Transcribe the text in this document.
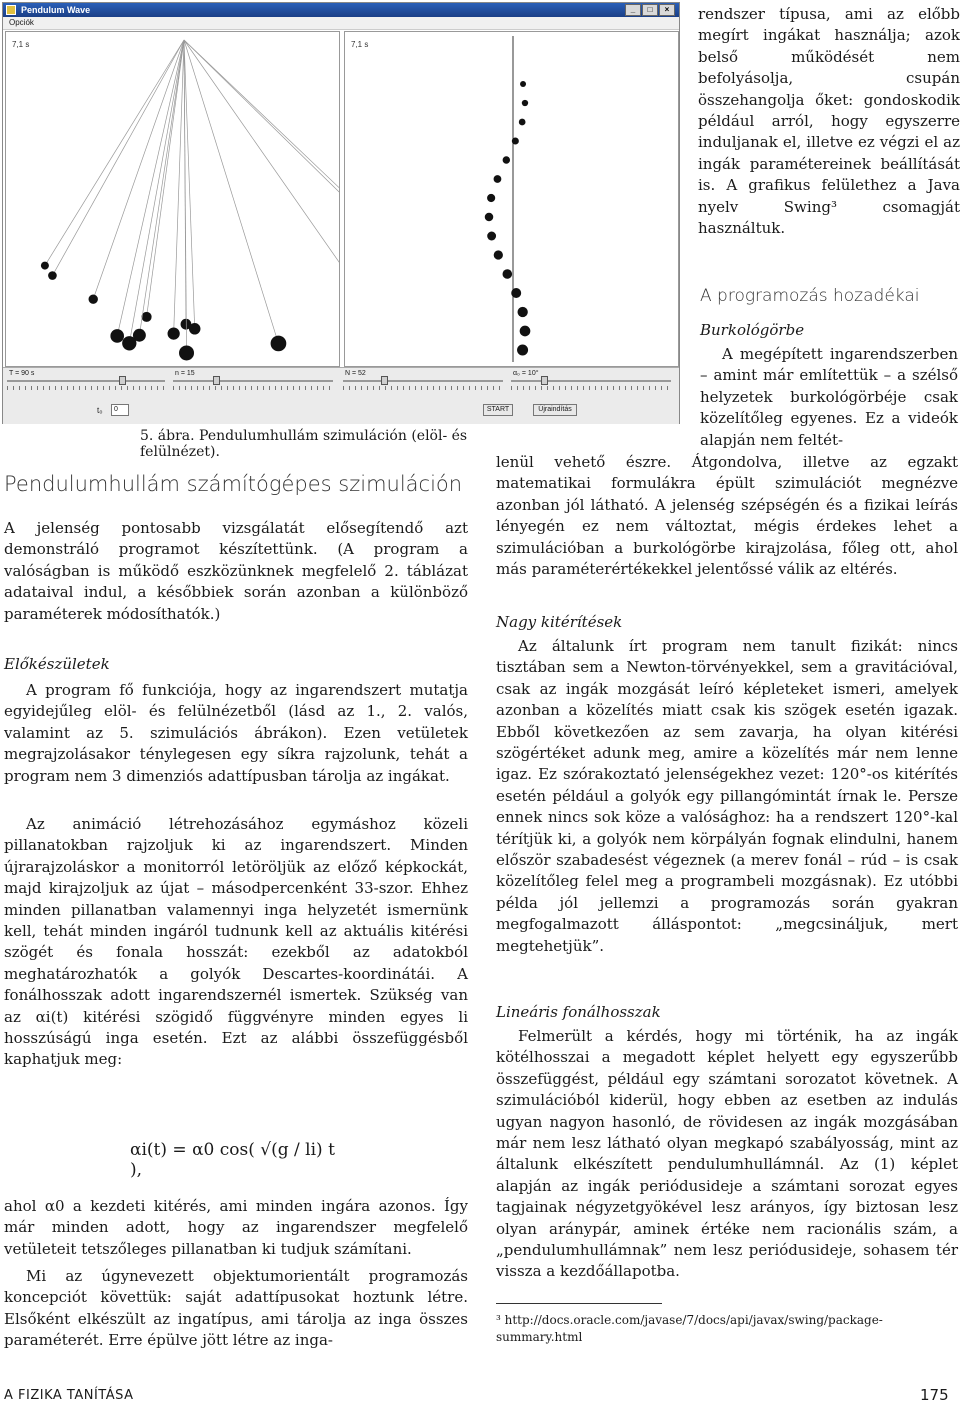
Pendulum Wave	_	□	×
Opciók
7,1 s	7,1 s
T = 90 s	n = 15	N = 52	α₀ = 10°
t₀	0	START	Újraindítás
5. ábra. Pendulumhullám szimuláción (elöl- és felülnézet).
Pendulumhullám számítógépes szimuláción

A jelenség pontosabb vizsgálatát elősegítendő azt demonstráló programot készítettünk. (A program a valóságban is működő eszközünknek megfelelő 2. táblázat adataival indul, a későbbiek során azonban a különböző paraméterek módosíthatók.)

Előkészületek

A program fő funkciója, hogy az ingarendszert mutatja egyidejűleg elöl- és felülnézetből (lásd az 1., 2. valós, valamint az 5. szimulációs ábrákon). Ezen vetületek megrajzolásakor ténylegesen egy síkra rajzolunk, tehát a program nem 3 dimenziós adattípusban tárolja az ingákat.

Az animáció létrehozásához egymáshoz közeli pillanatokban rajzoljuk ki az ingarendszert. Minden újrarajzoláskor a monitorról letöröljük az előző képkockát, majd kirajzoljuk az újat – másodpercenként 33-szor. Ehhez minden pillanatban valamennyi inga helyzetét ismernünk kell, tehát minden ingáról tudnunk kell az aktuális kitérési szögét és fonala hosszát: ezekből az adatokból meghatározhatók a golyók Descartes-koordinátái. A fonálhosszak adott ingarendszernél ismertek. Szükség van az αi(t) kitérési szögidő függvényre minden egyes li hosszúságú inga esetén. Ezt az alábbi összefüggésből kaphatjuk meg:

αi(t) = α0 cos( √(g / li) t ),

ahol α0 a kezdeti kitérés, ami minden ingára azonos. Így már minden adott, hogy az ingarendszer megfelelő vetületeit tetszőleges pillanatban ki tudjuk számítani.

Mi az úgynevezett objektumorientált programozás koncepciót követtük: saját adattípusokat hoztunk létre. Elsőként elkészült az ingatípus, ami tárolja az inga összes paraméterét. Erre épülve jött létre az inga-

rendszer típusa, ami az előbb megírt ingákat használja; azok belső működését nem befolyásolja, csupán összehangolja őket: gondoskodik például arról, hogy egyszerre induljanak el, illetve ez végzi el az ingák paramétereinek beállítását is. A grafikus felülethez a Java nyelv Swing³ csomagját használtuk.

A programozás hozadékai

Burkológörbe

A megépített ingarendszerben – amint már említettük – a szélső helyzetek burkológörbéje csak közelítőleg egyenes. Ez a videók alapján nem feltét-

lenül vehető észre. Átgondolva, illetve az egzakt matematikai formulákra épült szimulációt megnézve azonban jól látható. A jelenség szépségén és a fizikai leírás lényegén ez nem változtat, mégis érdekes lehet a szimulációban a burkológörbe kirajzolása, főleg ott, ahol más paraméterértékekkel jelentőssé válik az eltérés.

Nagy kitérítések

Az általunk írt program nem tanult fizikát: nincs tisztában sem a Newton-törvényekkel, sem a gravitációval, csak az ingák mozgását leíró képleteket ismeri, amelyek azonban a közelítés miatt csak kis szögek esetén igazak. Ebből következően az sem zavarja, ha olyan kitérési szögértéket adunk meg, amire a közelítés már nem lenne igaz. Ez szórakoztató jelenségekhez vezet: 120°-os kitérítés esetén például a golyók egy pillangómintát írnak le. Persze ennek nincs sok köze a valósághoz: ha a rendszert 120°-kal térítjük ki, a golyók nem körpályán fognak elindulni, hanem először szabadesést végeznek (a merev fonál – rúd – is csak közelítőleg felel meg a programbeli mozgásnak). Ez utóbbi példa jól jellemzi a programozás során gyakran megfogalmazott álláspontot: „megcsináljuk, mert megtehetjük”.

Lineáris fonálhosszak

Felmerült a kérdés, hogy mi történik, ha az ingák kötélhosszai a megadott képlet helyett egy egyszerűbb összefüggést, például egy számtani sorozatot követnek. A szimulációból kiderül, hogy ebben az esetben az indulás ugyan nagyon hasonló, de rövidesen az ingák mozgásában már nem lesz látható olyan megkapó szabályosság, mint az általunk elkészített pendulumhullámnál. Az (1) képlet alapján az ingák periódusideje a számtani sorozat egyes tagjainak négyzetgyökével lesz arányos, így biztosan lesz olyan aránypár, aminek értéke nem racionális szám, a „pendulumhullámnak” nem lesz periódusideje, sohasem tér vissza a kezdőállapotba.

³ http://docs.oracle.com/javase/7/docs/api/javax/swing/package-summary.html

A FIZIKA TANÍTÁSA	175
